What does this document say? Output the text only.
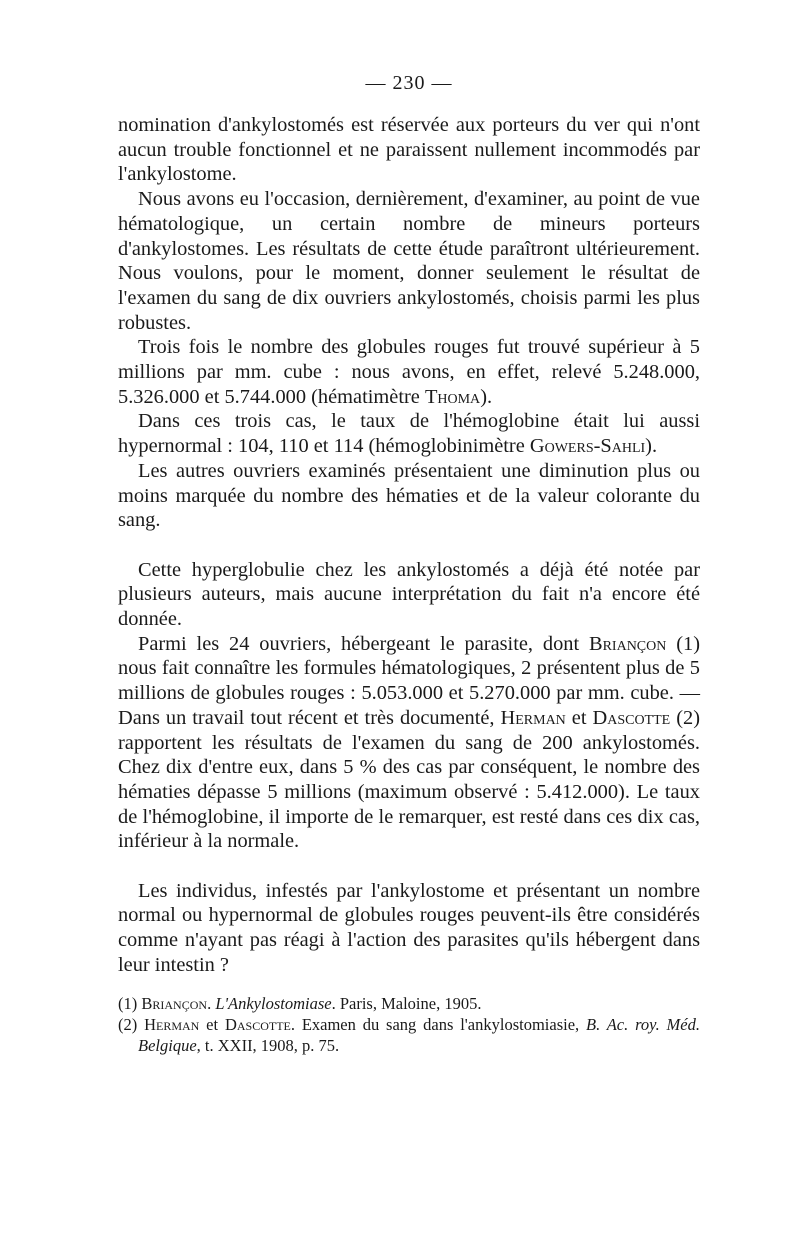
— 230 —

nomination d'ankylostomés est réservée aux porteurs du ver qui n'ont aucun trouble fonctionnel et ne paraissent nullement incommodés par l'ankylostome.

Nous avons eu l'occasion, dernièrement, d'examiner, au point de vue hématologique, un certain nombre de mineurs porteurs d'ankylostomes. Les résultats de cette étude paraîtront ultérieurement. Nous voulons, pour le moment, donner seulement le résultat de l'examen du sang de dix ouvriers ankylostomés, choisis parmi les plus robustes.

Trois fois le nombre des globules rouges fut trouvé supérieur à 5 millions par mm. cube : nous avons, en effet, relevé 5.248.000, 5.326.000 et 5.744.000 (hématimètre Thoma).

Dans ces trois cas, le taux de l'hémoglobine était lui aussi hypernormal : 104, 110 et 114 (hémoglobinimètre Gowers-Sahli).

Les autres ouvriers examinés présentaient une diminution plus ou moins marquée du nombre des hématies et de la valeur colorante du sang.

Cette hyperglobulie chez les ankylostomés a déjà été notée par plusieurs auteurs, mais aucune interprétation du fait n'a encore été donnée.

Parmi les 24 ouvriers, hébergeant le parasite, dont Briançon (1) nous fait connaître les formules hématologiques, 2 présentent plus de 5 millions de globules rouges : 5.053.000 et 5.270.000 par mm. cube. — Dans un travail tout récent et très documenté, Herman et Dascotte (2) rapportent les résultats de l'examen du sang de 200 ankylostomés. Chez dix d'entre eux, dans 5 % des cas par conséquent, le nombre des hématies dépasse 5 millions (maximum observé : 5.412.000). Le taux de l'hémoglobine, il importe de le remarquer, est resté dans ces dix cas, inférieur à la normale.

Les individus, infestés par l'ankylostome et présentant un nombre normal ou hypernormal de globules rouges peuvent-ils être considérés comme n'ayant pas réagi à l'action des parasites qu'ils hébergent dans leur intestin ?

(1) Briançon. L'Ankylostomiase. Paris, Maloine, 1905.

(2) Herman et Dascotte. Examen du sang dans l'ankylostomiasie, B. Ac. roy. Méd. Belgique, t. XXII, 1908, p. 75.
